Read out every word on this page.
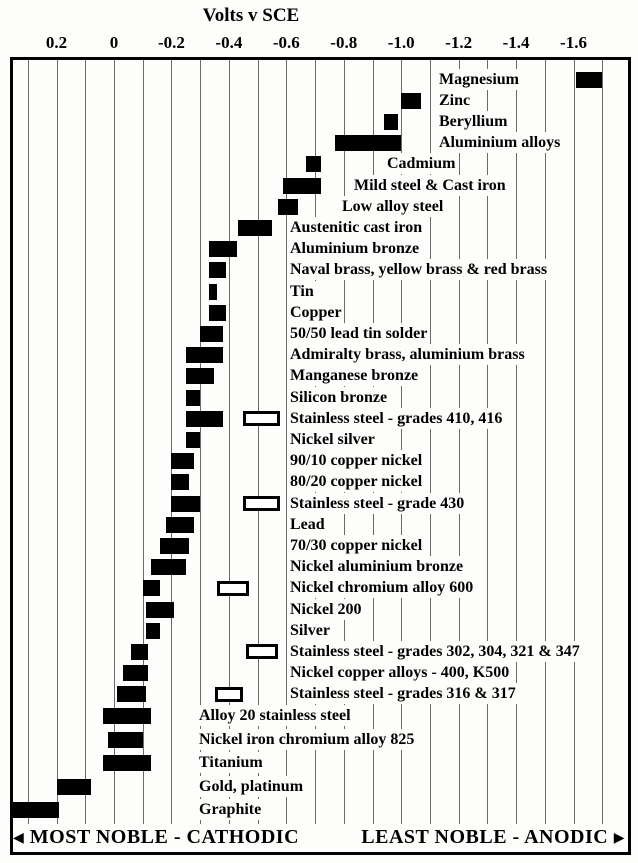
Volts v SCE
0.2	0 -0.2 -0.4 -0.6 -0.8 -1.0 -1.2 -1.4 -1.6
Magnesium
Zinc
Beryllium
Aluminium alloys
Cadmium
Mild steel & Cast iron
Low alloy steel
Austenitic cast iron
Aluminium bronze
Naval brass, yellow brass & red brass
Tin
Copper
50/50 lead tin solder
Admiralty brass, aluminium brass
Manganese bronze
Silicon bronze
Stainless steel - grades 410, 416
Nickel silver
90/10 copper nickel
80/20 copper nickel
Stainless steel - grade 430
Lead
70/30 copper nickel
Nickel aluminium bronze
Nickel chromium alloy 600
Nickel 200
Silver
Stainless steel - grades 302, 304, 321 & 347
Nickel copper alloys - 400, K500
Stainless steel - grades 316 & 317
Alloy 20 stainless steel
Nickel iron chromium alloy 825
Titanium
Gold, platinum
Graphite
◀ MOST NOBLE - CATHODIC	LEAST NOBLE - ANODIC ▶
